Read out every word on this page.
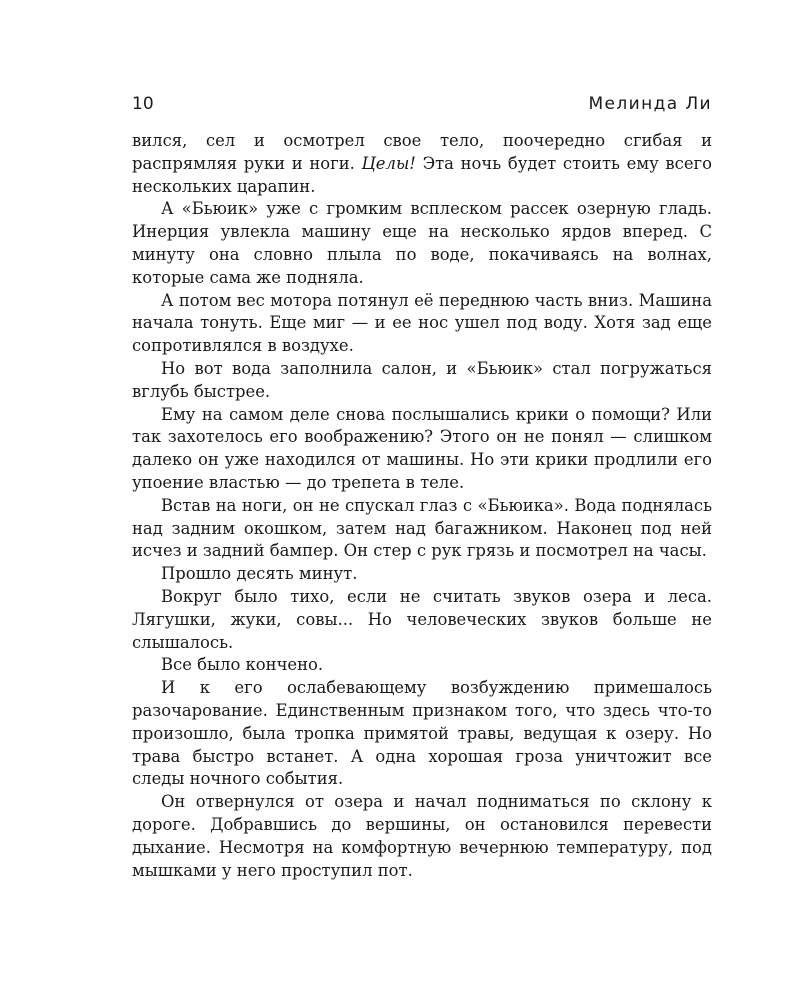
10	Мелинда Ли

вился, сел и осмотрел свое тело, поочередно сгибая и распрямляя руки и ноги. Целы! Эта ночь будет стоить ему всего нескольких царапин.

А «Бьюик» уже с громким всплеском рассек озерную гладь. Инерция увлекла машину еще на несколько ярдов вперед. С минуту она словно плыла по воде, покачиваясь на волнах, которые сама же подняла.

А потом вес мотора потянул её переднюю часть вниз. Машина начала тонуть. Еще миг — и ее нос ушел под воду. Хотя зад еще сопротивлялся в воздухе.

Но вот вода заполнила салон, и «Бьюик» стал погружаться вглубь быстрее.

Ему на самом деле снова послышались крики о помощи? Или так захотелось его воображению? Этого он не понял — слишком далеко он уже находился от машины. Но эти крики продлили его упоение властью — до трепета в теле.

Встав на ноги, он не спускал глаз с «Бьюика». Вода поднялась над задним окошком, затем над багажником. Наконец под ней исчез и задний бампер. Он стер с рук грязь и посмотрел на часы.

Прошло десять минут.

Вокруг было тихо, если не считать звуков озера и леса. Лягушки, жуки, совы... Но человеческих звуков больше не слышалось.

Все было кончено.

И к его ослабевающему возбуждению примешалось разочарование. Единственным признаком того, что здесь что-то произошло, была тропка примятой травы, ведущая к озеру. Но трава быстро встанет. А одна хорошая гроза уничтожит все следы ночного события.

Он отвернулся от озера и начал подниматься по склону к дороге. Добравшись до вершины, он остановился перевести дыхание. Несмотря на комфортную вечернюю температуру, под мышками у него проступил пот.
